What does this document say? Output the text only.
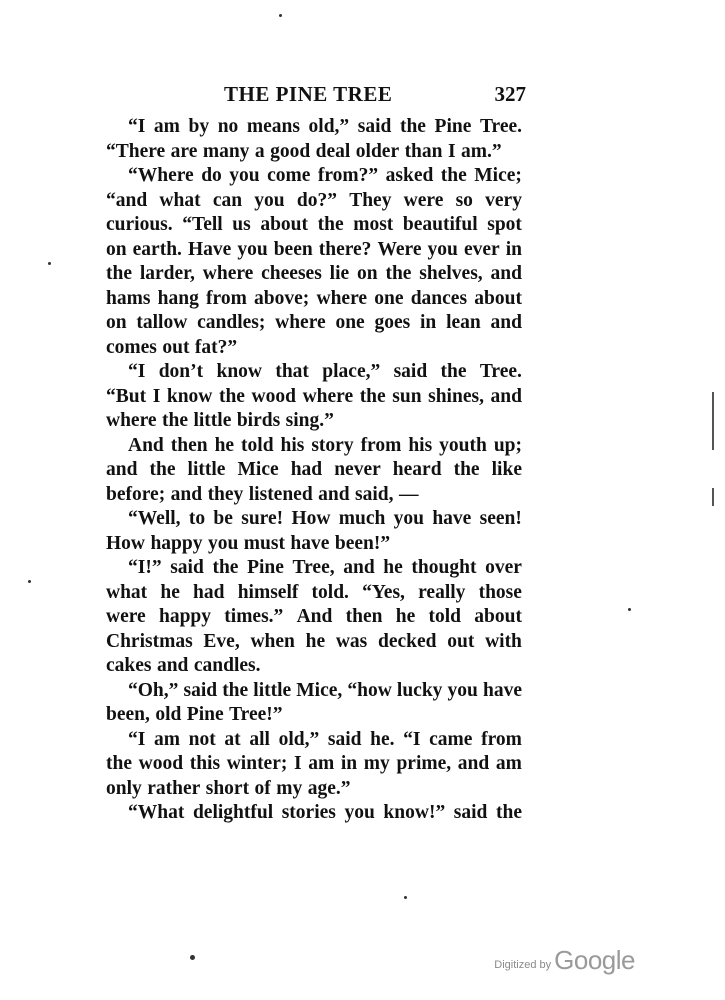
THE PINE TREE	327
“I am by no means old,” said the Pine Tree.
“There are many a good deal older than I am.”
“Where do you come from?” asked the Mice;
“and what can you do?” They were so very
curious. “Tell us about the most beautiful spot
on earth. Have you been there? Were you ever in
the larder, where cheeses lie on the shelves, and
hams hang from above; where one dances about
on tallow candles; where one goes in lean and
comes out fat?”
“I don’t know that place,” said the Tree.
“But I know the wood where the sun shines, and
where the little birds sing.”
And then he told his story from his youth up;
and the little Mice had never heard the like
before; and they listened and said, —
“Well, to be sure! How much you have seen!
How happy you must have been!”
“I!” said the Pine Tree, and he thought over
what he had himself told. “Yes, really those
were happy times.” And then he told about
Christmas Eve, when he was decked out with
cakes and candles.
“Oh,” said the little Mice, “how lucky you have
been, old Pine Tree!”
“I am not at all old,” said he. “I came from
the wood this winter; I am in my prime, and am
only rather short of my age.”
“What delightful stories you know!” said the
Digitized by Google
